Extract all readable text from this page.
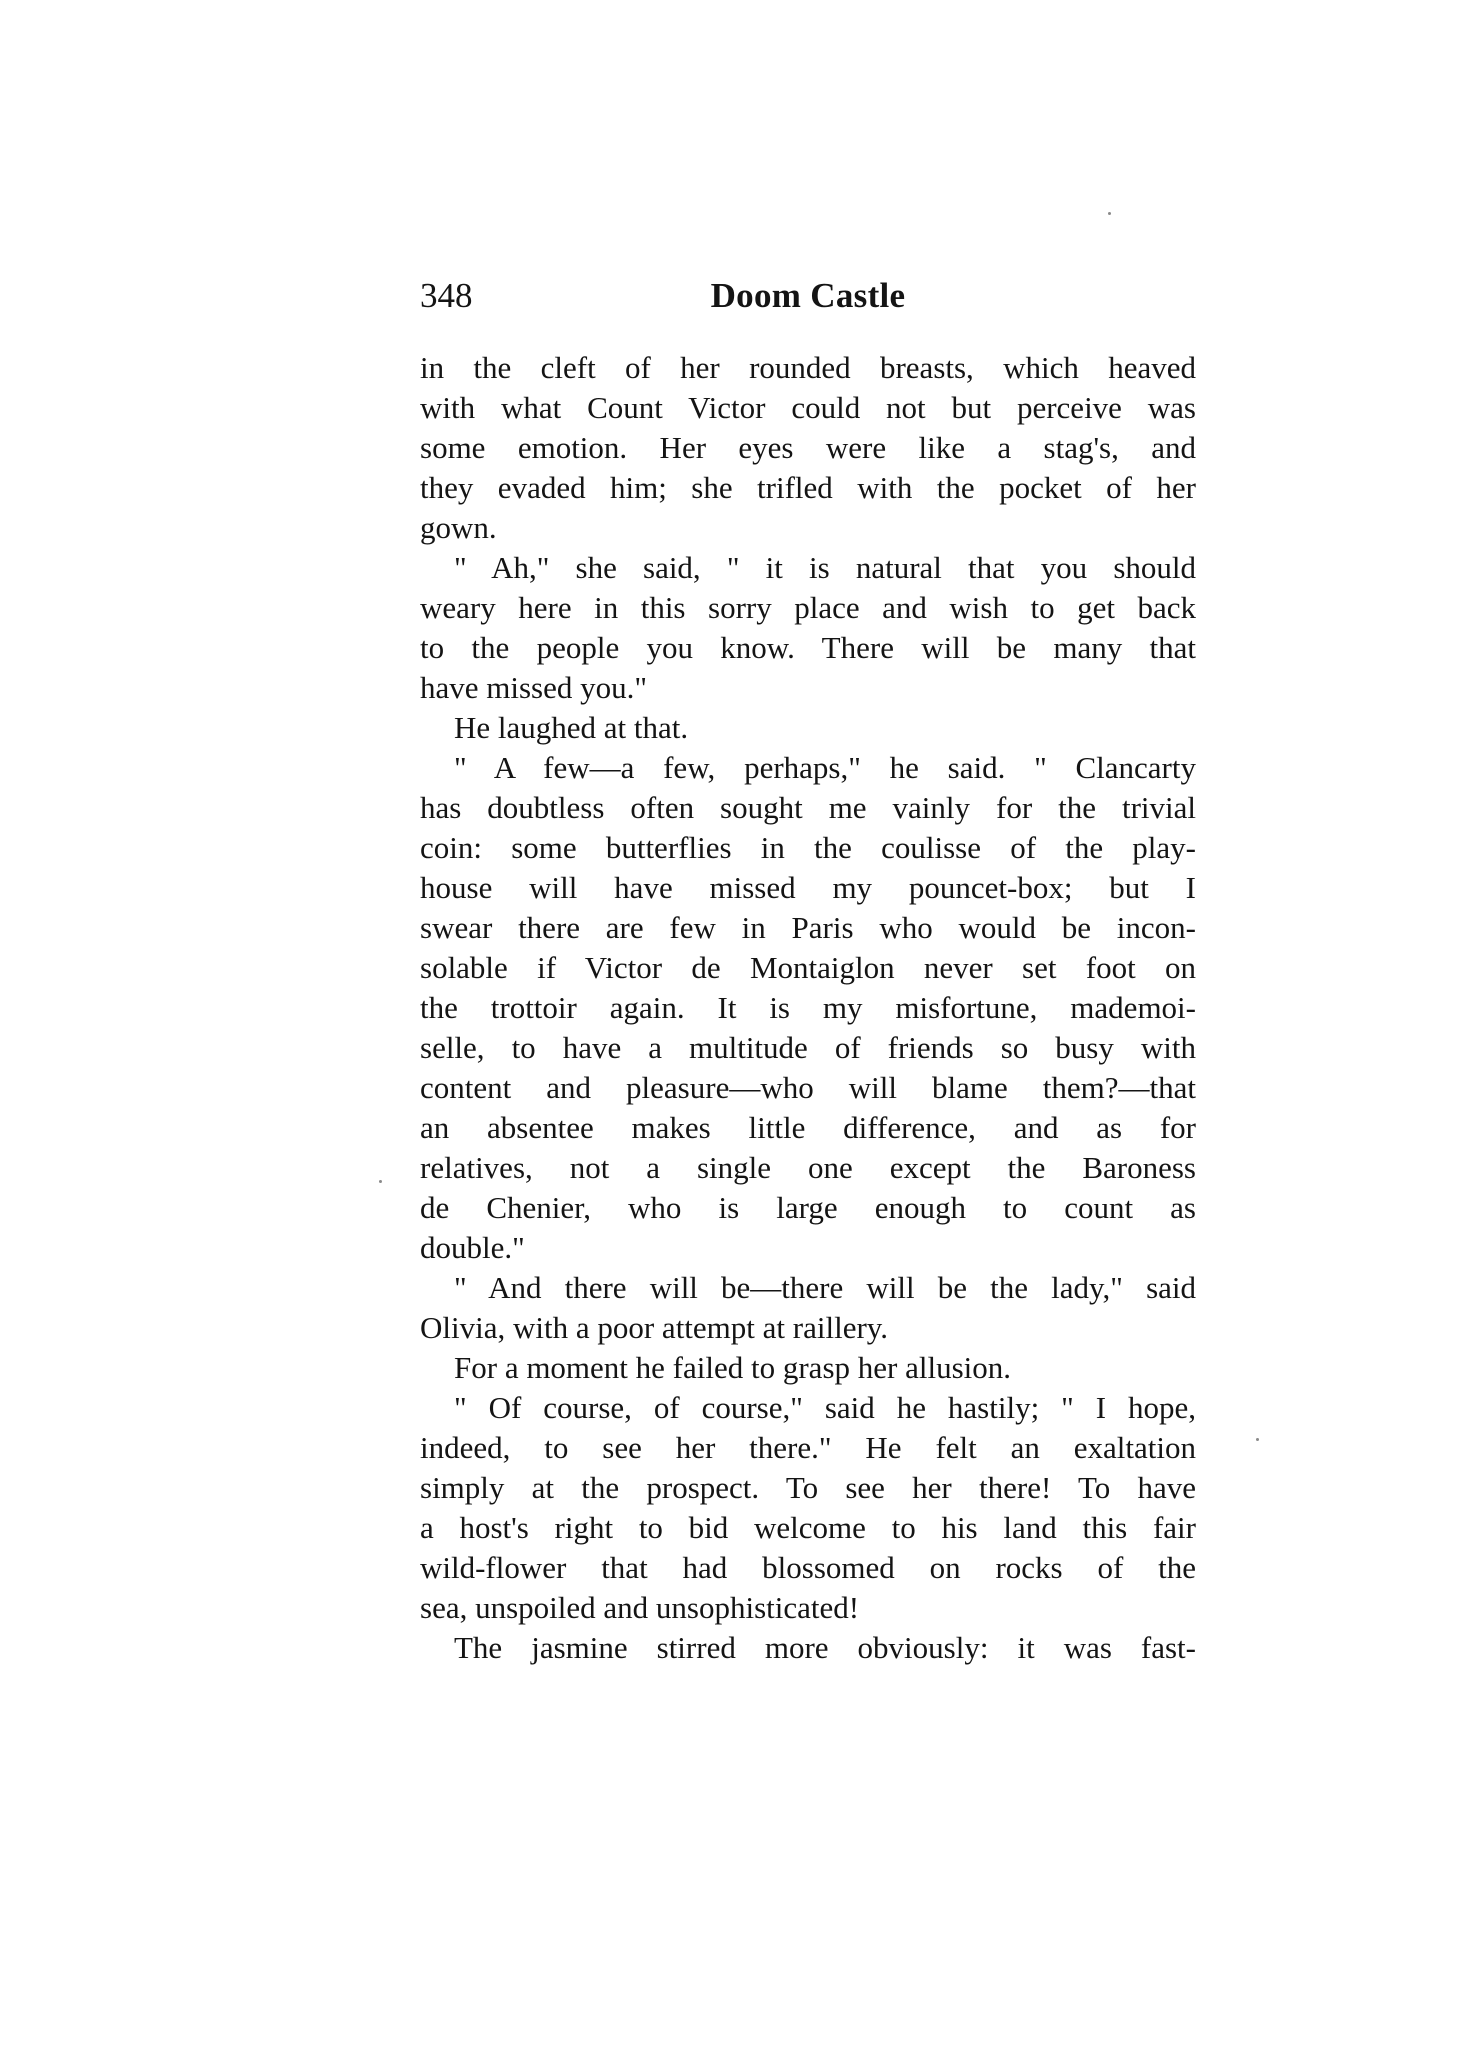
348	Doom Castle
in the cleft of her rounded breasts, which heaved
with what Count Victor could not but perceive was
some emotion. Her eyes were like a stag's, and
they evaded him; she trifled with the pocket of her
gown.
" Ah," she said, " it is natural that you should
weary here in this sorry place and wish to get back
to the people you know. There will be many that
have missed you."
He laughed at that.
" A few—a few, perhaps," he said. " Clancarty
has doubtless often sought me vainly for the trivial
coin: some butterflies in the coulisse of the play-
house will have missed my pouncet-box; but I
swear there are few in Paris who would be incon-
solable if Victor de Montaiglon never set foot on
the trottoir again. It is my misfortune, mademoi-
selle, to have a multitude of friends so busy with
content and pleasure—who will blame them?—that
an absentee makes little difference, and as for
relatives, not a single one except the Baroness
de Chenier, who is large enough to count as
double."
" And there will be—there will be the lady," said
Olivia, with a poor attempt at raillery.
For a moment he failed to grasp her allusion.
" Of course, of course," said he hastily; " I hope,
indeed, to see her there." He felt an exaltation
simply at the prospect. To see her there! To have
a host's right to bid welcome to his land this fair
wild-flower that had blossomed on rocks of the
sea, unspoiled and unsophisticated!
The jasmine stirred more obviously: it was fast-
